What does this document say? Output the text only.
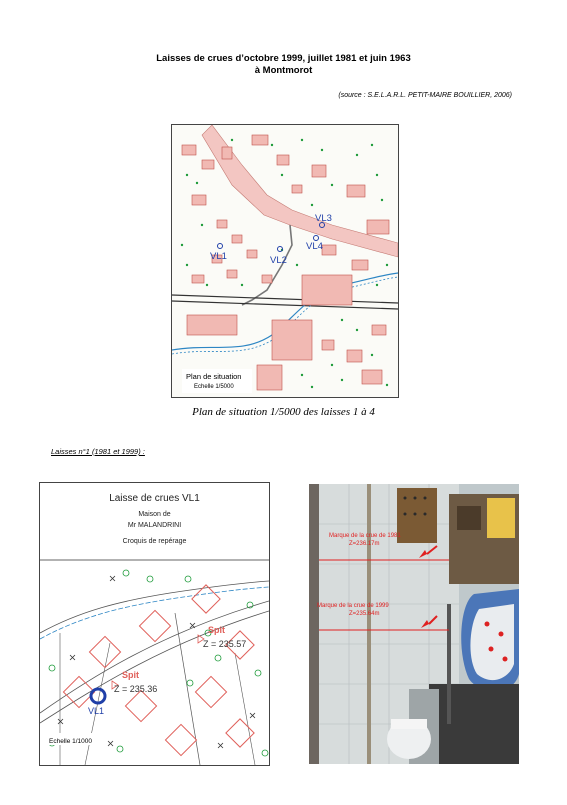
Laisses de crues d’octobre 1999, juillet 1981 et juin 1963
à Montmorot
(source : S.E.L.A.R.L. PETIT-MAIRE BOUILLIER, 2006)
VL3
VL4
VL2
VL1
Plan de situation
Echelle 1/5000
Plan de situation 1/5000 des laisses 1 à 4
Laisses n°1 (1981 et 1999) :
Laisse de crues VL1
Maison de
Mr MALANDRINI
Croquis de repérage
Spit
Spit
Z = 235.57
Z = 235.36
VL1
Echelle 1/1000
Marque de la crue de 1981
Z=236.17m
Marque de la crue de 1999
Z=235.64m
